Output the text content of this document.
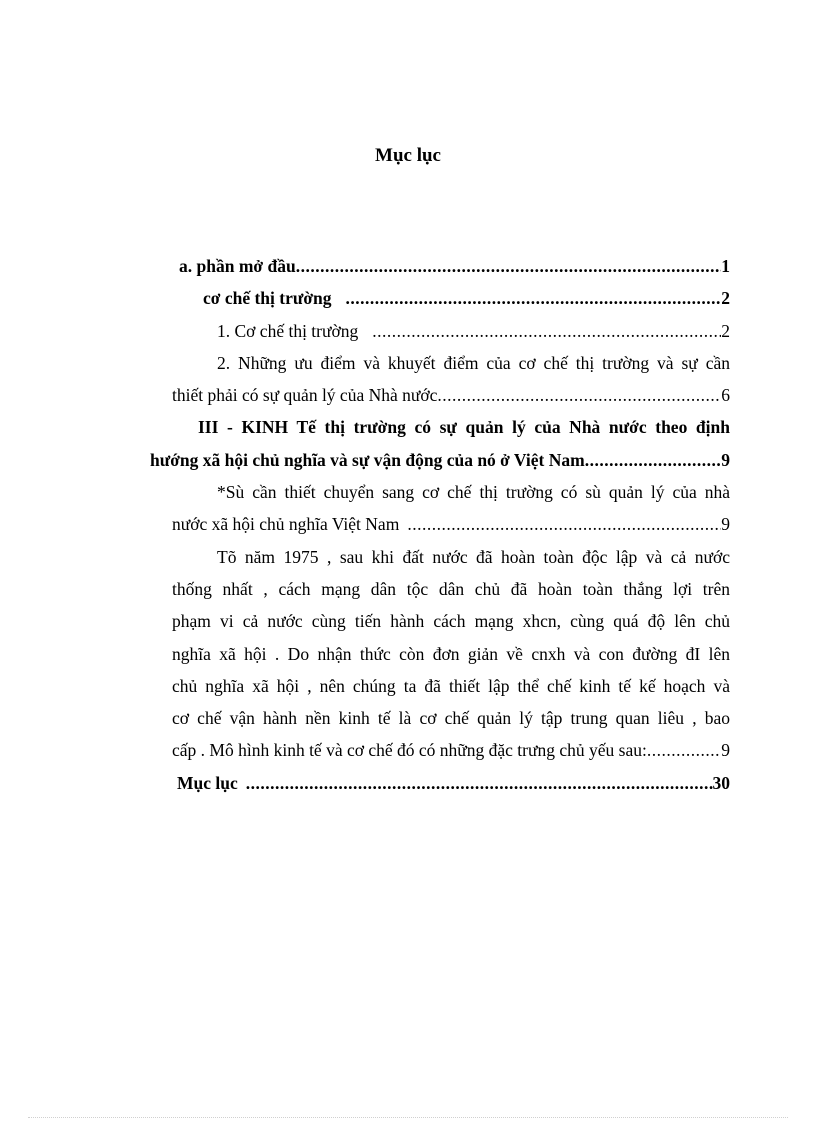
Mục lục
a. phần mở đầu .....	1
cơ chế thị trường .....	2
1. Cơ chế thị trường .....	2
2. Những ưu điểm và khuyết điểm của cơ chế thị trường và sự cần
thiết phải có sự quản lý của Nhà nước .....	6
III - KINH Tế thị trường có sự quản lý của Nhà nước theo định
hướng xã hội chủ nghĩa và sự vận động của nó ở Việt Nam .....	9
*Sù cần thiết chuyển sang cơ chế thị trường có sù quản lý của nhà
nước xã hội chủ nghĩa Việt Nam .....	9
Tõ năm 1975 , sau khi đất nước đã hoàn toàn độc lập và cả nước
thống nhất , cách mạng dân tộc dân chủ đã hoàn toàn thắng lợi trên
phạm vi cả nước cùng tiến hành cách mạng xhcn, cùng quá độ lên chủ
nghĩa xã hội . Do nhận thức còn đơn giản về cnxh và con đường đI lên
chủ nghĩa xã hội , nên chúng ta đã thiết lập thể chế kinh tế kế hoạch và
cơ chế vận hành nền kinh tế là cơ chế quản lý tập trung quan liêu , bao
cấp . Mô hình kinh tế và cơ chế đó có những đặc trưng chủ yếu sau: .....	9
Mục lục .....	30
